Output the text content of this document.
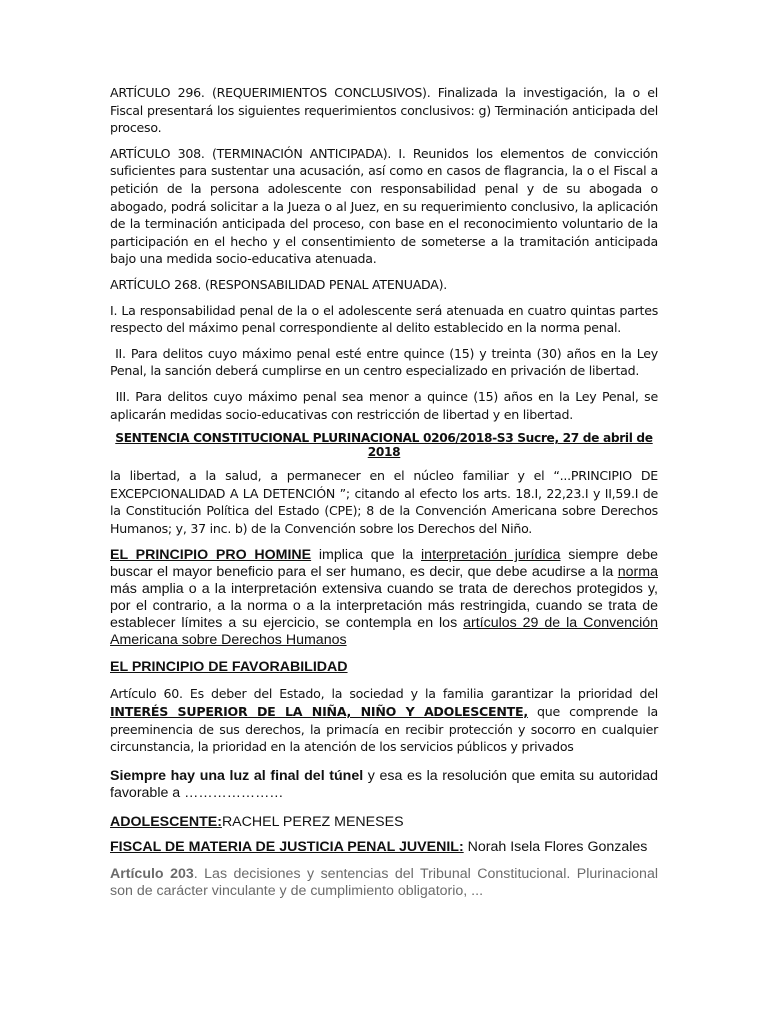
ARTÍCULO 296. (REQUERIMIENTOS CONCLUSIVOS). Finalizada la investigación, la o el Fiscal presentará los siguientes requerimientos conclusivos: g) Terminación anticipada del proceso.

ARTÍCULO 308. (TERMINACIÓN ANTICIPADA). I. Reunidos los elementos de convicción suficientes para sustentar una acusación, así como en casos de flagrancia, la o el Fiscal a petición de la persona adolescente con responsabilidad penal y de su abogada o abogado, podrá solicitar a la Jueza o al Juez, en su requerimiento conclusivo, la aplicación de la terminación anticipada del proceso, con base en el reconocimiento voluntario de la participación en el hecho y el consentimiento de someterse a la tramitación anticipada bajo una medida socio-educativa atenuada.

ARTÍCULO 268. (RESPONSABILIDAD PENAL ATENUADA).

I. La responsabilidad penal de la o el adolescente será atenuada en cuatro quintas partes respecto del máximo penal correspondiente al delito establecido en la norma penal.

II. Para delitos cuyo máximo penal esté entre quince (15) y treinta (30) años en la Ley Penal, la sanción deberá cumplirse en un centro especializado en privación de libertad.

III. Para delitos cuyo máximo penal sea menor a quince (15) años en la Ley Penal, se aplicarán medidas socio-educativas con restricción de libertad y en libertad.

SENTENCIA CONSTITUCIONAL PLURINACIONAL 0206/2018-S3 Sucre, 27 de abril de 2018

la libertad, a la salud, a permanecer en el núcleo familiar y el “...PRINCIPIO DE EXCEPCIONALIDAD A LA DETENCIÓN ”; citando al efecto los arts. 18.I, 22,23.I y II,59.I de la Constitución Política del Estado (CPE); 8 de la Convención Americana sobre Derechos Humanos; y, 37 inc. b) de la Convención sobre los Derechos del Niño.

EL PRINCIPIO PRO HOMINE implica que la interpretación jurídica siempre debe buscar el mayor beneficio para el ser humano, es decir, que debe acudirse a la norma más amplia o a la interpretación extensiva cuando se trata de derechos protegidos y, por el contrario, a la norma o a la interpretación más restringida, cuando se trata de establecer límites a su ejercicio, se contempla en los artículos 29 de la Convención Americana sobre Derechos Humanos

EL PRINCIPIO DE FAVORABILIDAD

Artículo 60. Es deber del Estado, la sociedad y la familia garantizar la prioridad del INTERÉS SUPERIOR DE LA NIÑA, NIÑO Y ADOLESCENTE, que comprende la preeminencia de sus derechos, la primacía en recibir protección y socorro en cualquier circunstancia, la prioridad en la atención de los servicios públicos y privados

Siempre hay una luz al final del túnel y esa es la resolución que emita su autoridad favorable a …………………

ADOLESCENTE:RACHEL PEREZ MENESES

FISCAL DE MATERIA DE JUSTICIA PENAL JUVENIL: Norah Isela Flores Gonzales

Artículo 203. Las decisiones y sentencias del Tribunal Constitucional. Plurinacional son de carácter vinculante y de cumplimiento obligatorio, ...
